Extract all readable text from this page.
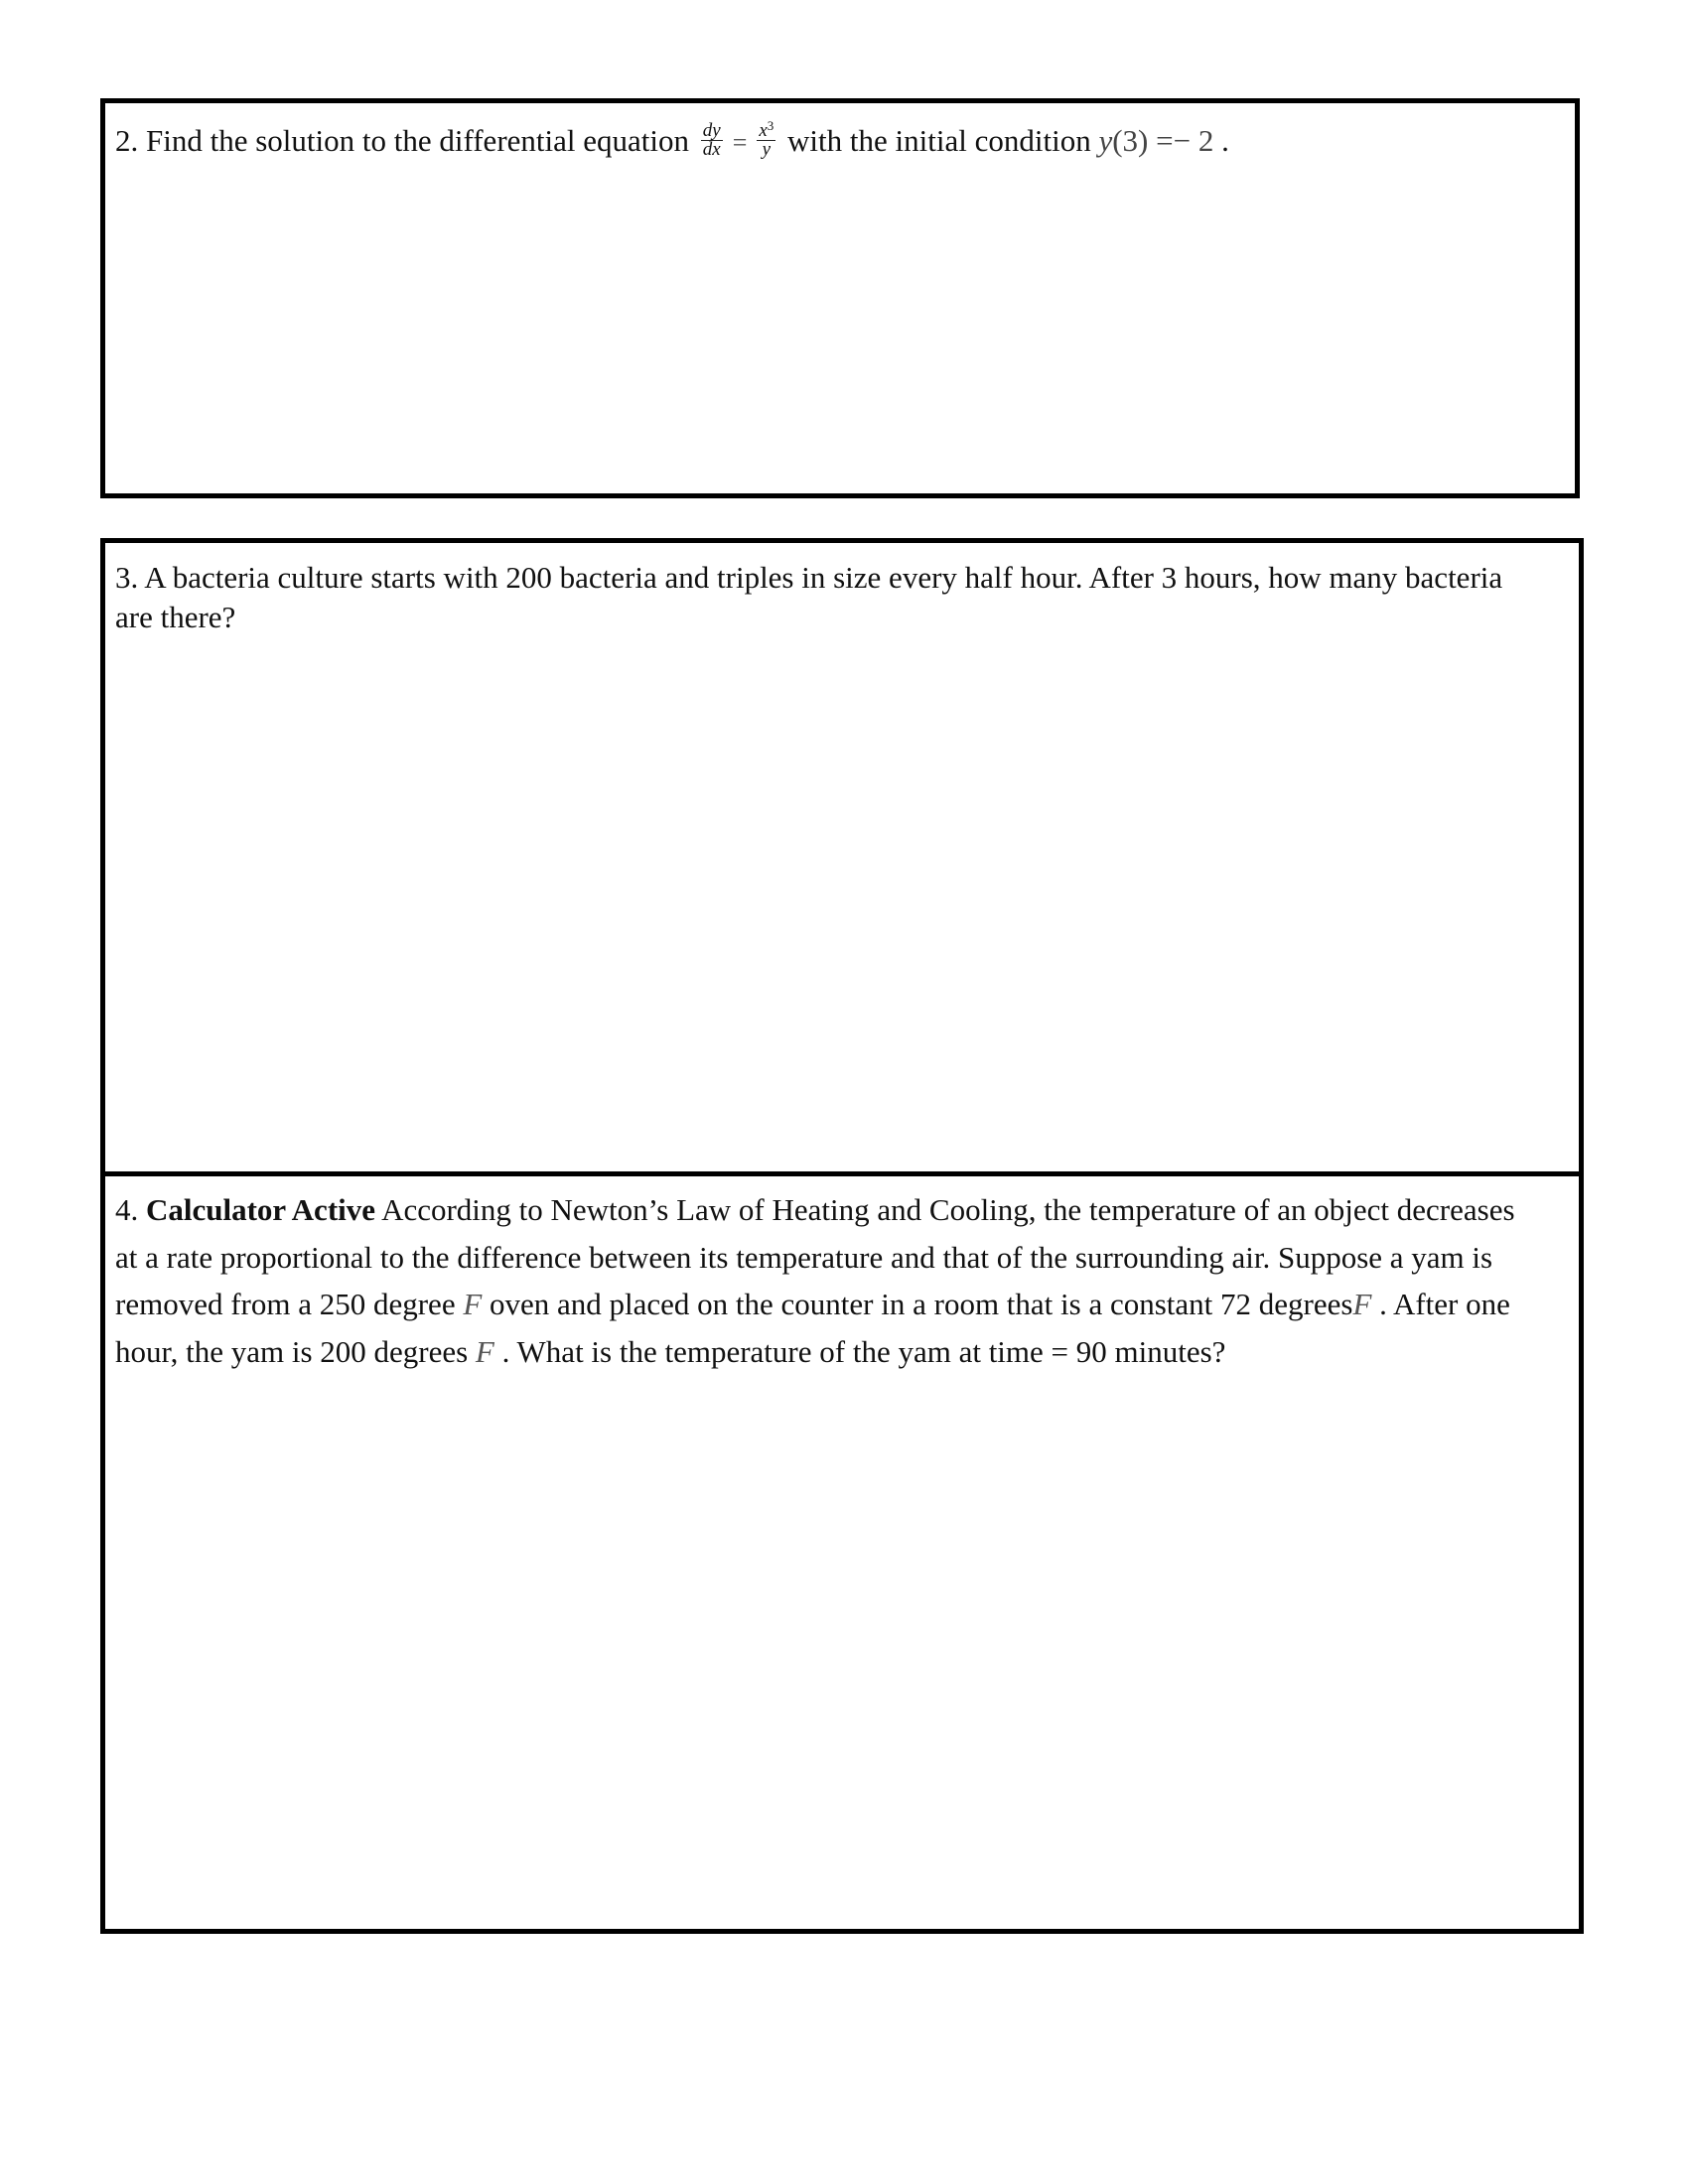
2. Find the solution to the differential equation $\frac{dy}{dx} = \frac{x^3}{y}$ with the initial condition y(3) =− 2 .
3. A bacteria culture starts with 200 bacteria and triples in size every half hour. After 3 hours, how many bacteria are there?
4. Calculator Active According to Newton’s Law of Heating and Cooling, the temperature of an object decreases at a rate proportional to the difference between its temperature and that of the surrounding air. Suppose a yam is removed from a 250 degree F oven and placed on the counter in a room that is a constant 72 degreesF . After one hour, the yam is 200 degrees F . What is the temperature of the yam at time = 90 minutes?
